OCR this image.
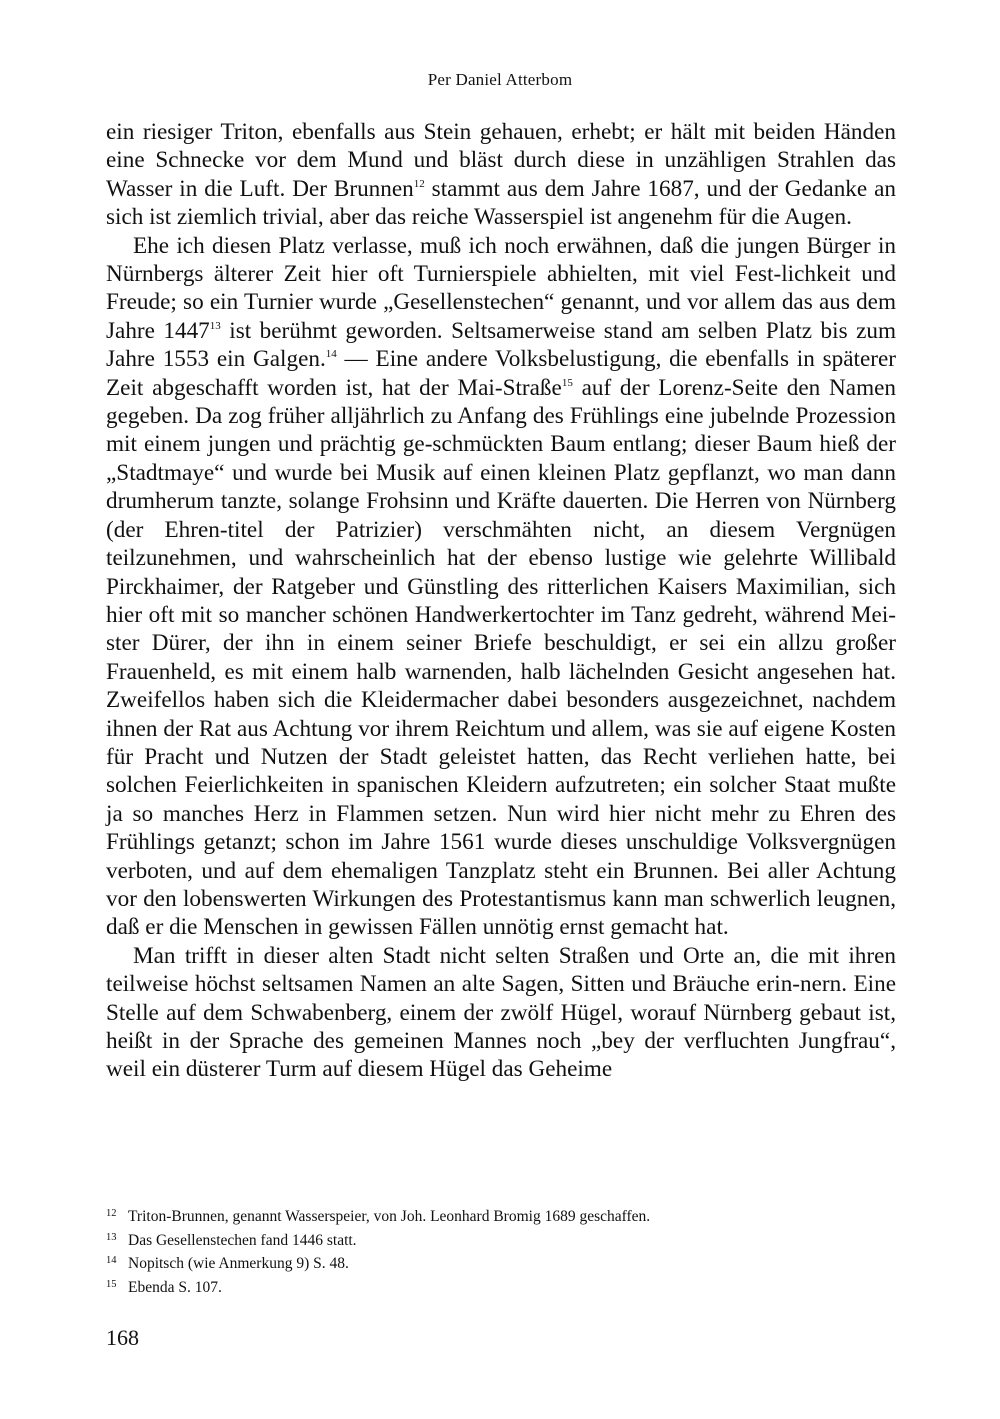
Per Daniel Atterbom

ein riesiger Triton, ebenfalls aus Stein gehauen, erhebt; er hält mit beiden Händen eine Schnecke vor dem Mund und bläst durch diese in unzähligen Strahlen das Wasser in die Luft. Der Brunnen$^{12}$ stammt aus dem Jahre 1687, und der Gedanke an sich ist ziemlich trivial, aber das reiche Wasserspiel ist angenehm für die Augen.

Ehe ich diesen Platz verlasse, muß ich noch erwähnen, daß die jungen Bürger in Nürnbergs älterer Zeit hier oft Turnierspiele abhielten, mit viel Fest-lichkeit und Freude; so ein Turnier wurde „Gesellenstechen“ genannt, und vor allem das aus dem Jahre 1447$^{13}$ ist berühmt geworden. Seltsamerweise stand am selben Platz bis zum Jahre 1553 ein Galgen.$^{14}$ — Eine andere Volksbelustigung, die ebenfalls in späterer Zeit abgeschafft worden ist, hat der Mai-Straße$^{15}$ auf der Lorenz-Seite den Namen gegeben. Da zog früher alljährlich zu Anfang des Frühlings eine jubelnde Prozession mit einem jungen und prächtig ge-schmückten Baum entlang; dieser Baum hieß der „Stadtmaye“ und wurde bei Musik auf einen kleinen Platz gepflanzt, wo man dann drumherum tanzte, solange Frohsinn und Kräfte dauerten. Die Herren von Nürnberg (der Ehren-titel der Patrizier) verschmähten nicht, an diesem Vergnügen teilzunehmen, und wahrscheinlich hat der ebenso lustige wie gelehrte Willibald Pirckhaimer, der Ratgeber und Günstling des ritterlichen Kaisers Maximilian, sich hier oft mit so mancher schönen Handwerkertochter im Tanz gedreht, während Mei-ster Dürer, der ihn in einem seiner Briefe beschuldigt, er sei ein allzu großer Frauenheld, es mit einem halb warnenden, halb lächelnden Gesicht angesehen hat. Zweifellos haben sich die Kleidermacher dabei besonders ausgezeichnet, nachdem ihnen der Rat aus Achtung vor ihrem Reichtum und allem, was sie auf eigene Kosten für Pracht und Nutzen der Stadt geleistet hatten, das Recht verliehen hatte, bei solchen Feierlichkeiten in spanischen Kleidern aufzutreten; ein solcher Staat mußte ja so manches Herz in Flammen setzen. Nun wird hier nicht mehr zu Ehren des Frühlings getanzt; schon im Jahre 1561 wurde dieses unschuldige Volksvergnügen verboten, und auf dem ehemaligen Tanzplatz steht ein Brunnen. Bei aller Achtung vor den lobenswerten Wirkungen des Protestantismus kann man schwerlich leugnen, daß er die Menschen in gewissen Fällen unnötig ernst gemacht hat.

Man trifft in dieser alten Stadt nicht selten Straßen und Orte an, die mit ihren teilweise höchst seltsamen Namen an alte Sagen, Sitten und Bräuche erin-nern. Eine Stelle auf dem Schwabenberg, einem der zwölf Hügel, worauf Nürnberg gebaut ist, heißt in der Sprache des gemeinen Mannes noch „bey der verfluchten Jungfrau“, weil ein düsterer Turm auf diesem Hügel das Geheime

12 Triton-Brunnen, genannt Wasserspeier, von Joh. Leonhard Bromig 1689 geschaffen.
13 Das Gesellenstechen fand 1446 statt.
14 Nopitsch (wie Anmerkung 9) S. 48.
15 Ebenda S. 107.
168
